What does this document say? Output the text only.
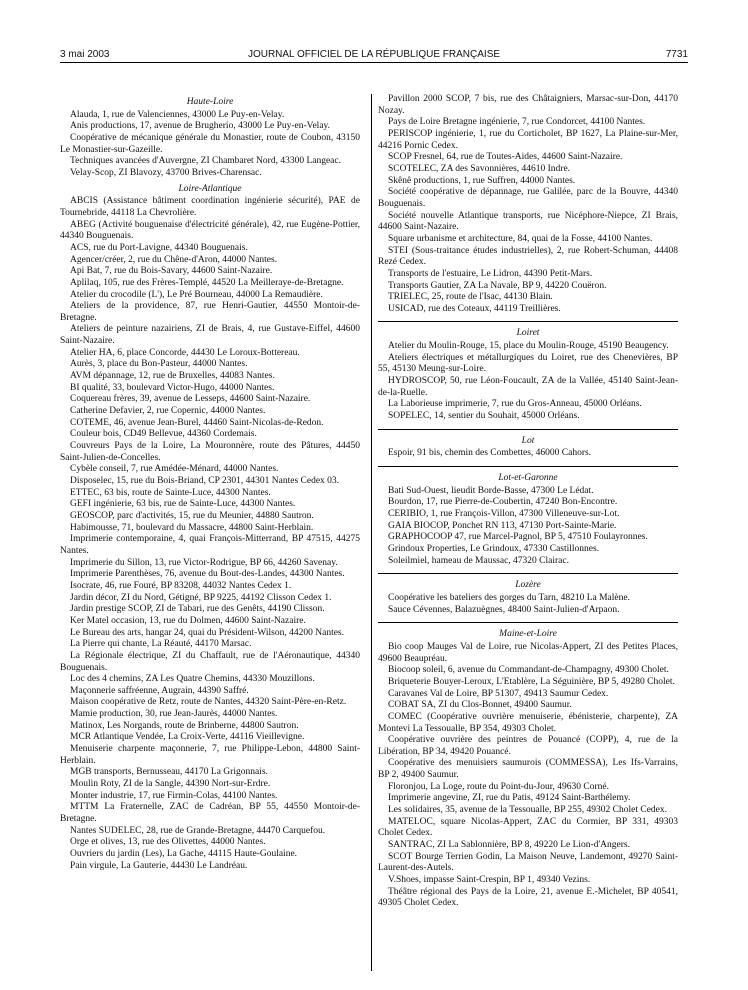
3 mai 2003	JOURNAL OFFICIEL DE LA RÉPUBLIQUE FRANÇAISE	7731
Haute-Loire

Alauda, 1, rue de Valenciennes, 43000 Le Puy-en-Velay.

Anis productions, 17, avenue de Brugherio, 43000 Le Puy-en-Velay.

Coopérative de mécanique générale du Monastier, route de Coubon, 43150 Le Monastier-sur-Gazeille.

Techniques avancées d'Auvergne, ZI Chambaret Nord, 43300 Langeac.

Velay-Scop, ZI Blavozy, 43700 Brives-Charensac.

Loire-Atlantique

ABCIS (Assistance bâtiment coordination ingénierie sécurité), PAE de Tournebride, 44118 La Chevrolière.

ABEG (Activité bouguenaise d'électricité générale), 42, rue Eugène-Pottier, 44340 Bouguenais.

ACS, rue du Port-Lavigne, 44340 Bouguenais.

Agencer/créer, 2, rue du Chêne-d'Aron, 44000 Nantes.

Api Bat, 7, rue du Bois-Savary, 44600 Saint-Nazaire.

Aplilaq, 105, rue des Frères-Templé, 44520 La Meilleraye-de-Bretagne.

Atelier du crocodile (L'), Le Pré Bourneau, 44000 La Remaudière.

Ateliers de la providence, 87, rue Henri-Gautier, 44550 Montoir-de-Bretagne.

Ateliers de peinture nazairiens, ZI de Brais, 4, rue Gustave-Eiffel, 44600 Saint-Nazaire.

Atelier HA, 6, place Concorde, 44430 Le Loroux-Bottereau.

Aurès, 3, place du Bon-Pasteur, 44000 Nantes.

AVM dépannage, 12, rue de Bruxelles, 44083 Nantes.

BI qualité, 33, boulevard Victor-Hugo, 44000 Nantes.

Coquereau frères, 39, avenue de Lesseps, 44600 Saint-Nazaire.

Catherine Defavier, 2, rue Copernic, 44000 Nantes.

COTEME, 46, avenue Jean-Burel, 44460 Saint-Nicolas-de-Redon.

Couleur bois, CD49 Bellevue, 44360 Cordemais.

Couvreurs Pays de la Loire, La Mouronnère, route des Pâtures, 44450 Saint-Julien-de-Concelles.

Cybèle conseil, 7, rue Amédée-Ménard, 44000 Nantes.

Disposelec, 15, rue du Bois-Briand, CP 2301, 44301 Nantes Cedex 03.

ETTEC, 63 bis, route de Sainte-Luce, 44300 Nantes.

GEFI ingénierie, 63 bis, rue de Sainte-Luce, 44300 Nantes.

GEOSCOP, parc d'activités, 15, rue du Meunier, 44880 Sautron.

Habimousse, 71, boulevard du Massacre, 44800 Saint-Herblain.

Imprimerie contemporaine, 4, quai François-Mitterrand, BP 47515, 44275 Nantes.

Imprimerie du Sillon, 13, rue Victor-Rodrigue, BP 66, 44260 Savenay.

Imprimerie Parenthèses, 76, avenue du Bout-des-Landes, 44300 Nantes.

Isocrate, 46, rue Fouré, BP 83208, 44032 Nantes Cedex 1.

Jardin décor, ZI du Nord, Gétigné, BP 9225, 44192 Clisson Cedex 1.

Jardin prestige SCOP, ZI de Tabari, rue des Genêts, 44190 Clisson.

Ker Matel occasion, 13, rue du Dolmen, 44600 Saint-Nazaire.

Le Bureau des arts, hangar 24, quai du Président-Wilson, 44200 Nantes.

La Pierre qui chante, La Réauté, 44170 Marsac.

La Régionale électrique, ZI du Chaffault, rue de l'Aéronautique, 44340 Bouguenais.

Loc des 4 chemins, ZA Les Quatre Chemins, 44330 Mouzillons.

Maçonnerie saffréenne, Augrain, 44390 Saffré.

Maison coopérative de Retz, route de Nantes, 44320 Saint-Père-en-Retz.

Mamie production, 30, rue Jean-Jaurès, 44000 Nantes.

Matinox, Les Norgands, route de Brinberne, 44800 Sautron.

MCR Atlantique Vendée, La Croix-Verte, 44116 Vieillevigne.

Menuiserie charpente maçonnerie, 7, rue Philippe-Lebon, 44800 Saint-Herblain.

MGB transports, Bernusseau, 44170 La Grigonnais.

Moulin Roty, ZI de la Sangle, 44390 Nort-sur-Erdre.

Monter industrie, 17, rue Firmin-Colas, 44100 Nantes.

MTTM La Fraternelle, ZAC de Cadréan, BP 55, 44550 Montoir-de-Bretagne.

Nantes SUDELEC, 28, rue de Grande-Bretagne, 44470 Carquefou.

Orge et olives, 13, rue des Olivettes, 44000 Nantes.

Ouvriers du jardin (Les), La Gache, 44115 Haute-Goulaine.

Pain virgule, La Gauterie, 44430 Le Landréau.

Pavillon 2000 SCOP, 7 bis, rue des Châtaigniers, Marsac-sur-Don, 44170 Nozay.

Pays de Loire Bretagne ingénierie, 7, rue Condorcet, 44100 Nantes.

PERISCOP ingénierie, 1, rue du Corticholet, BP 1627, La Plaine-sur-Mer, 44216 Pornic Cedex.

SCOP Fresnel, 64, rue de Toutes-Aides, 44600 Saint-Nazaire.

SCOTELEC, ZA des Savonnières, 44610 Indre.

Skênê productions, 1, rue Suffren, 44000 Nantes.

Société coopérative de dépannage, rue Galilée, parc de la Bouvre, 44340 Bouguenais.

Société nouvelle Atlantique transports, rue Nicéphore-Niepce, ZI Brais, 44600 Saint-Nazaire.

Square urbanisme et architecture, 84, quai de la Fosse, 44100 Nantes.

STEI (Sous-traitance études industrielles), 2, rue Robert-Schuman, 44408 Rezé Cedex.

Transports de l'estuaire, Le Lidron, 44390 Petit-Mars.

Transports Gautier, ZA La Navale, BP 9, 44220 Couëron.

TRIELEC, 25, route de l'Isac, 44130 Blain.

USICAD, rue des Coteaux, 44119 Treillières.

Loiret

Atelier du Moulin-Rouge, 15, place du Moulin-Rouge, 45190 Beaugency.

Ateliers électriques et métallurgiques du Loiret, rue des Chenevières, BP 55, 45130 Meung-sur-Loire.

HYDROSCOP, 50, rue Léon-Foucault, ZA de la Vallée, 45140 Saint-Jean-de-la-Ruelle.

La Laborieuse imprimerie, 7, rue du Gros-Anneau, 45000 Orléans.

SOPELEC, 14, sentier du Souhait, 45000 Orléans.

Lot

Espoir, 91 bis, chemin des Combettes, 46000 Cahors.

Lot-et-Garonne

Bati Sud-Ouest, lieudit Borde-Basse, 47300 Le Lédat.

Bourdon, 17, rue Pierre-de-Coubertin, 47240 Bon-Encontre.

CERIBIO, 1, rue François-Villon, 47300 Villeneuve-sur-Lot.

GAIA BIOCOP, Ponchet RN 113, 47130 Port-Sainte-Marie.

GRAPHOCOOP 47, rue Marcel-Pagnol, BP 5, 47510 Foulayronnes.

Grindoux Properties, Le Grindoux, 47330 Castillonnes.

Soleilmiel, hameau de Maussac, 47320 Clairac.

Lozère

Coopérative les bateliers des gorges du Tarn, 48210 La Malène.

Sauce Cévennes, Balazuègnes, 48400 Saint-Julien-d'Arpaon.

Maine-et-Loire

Bio coop Mauges Val de Loire, rue Nicolas-Appert, ZI des Petites Places, 49600 Beaupréau.

Biocoop soleil, 6, avenue du Commandant-de-Champagny, 49300 Cholet.

Briqueterie Bouyer-Leroux, L'Etablère, La Séguinière, BP 5, 49280 Cholet.

Caravanes Val de Loire, BP 51307, 49413 Saumur Cedex.

COBAT SA, ZI du Clos-Bonnet, 49400 Saumur.

COMEC (Coopérative ouvrière menuiserie, ébénisterie, charpente), ZA Montevi La Tessoualle, BP 354, 49303 Cholet.

Coopérative ouvrière des peintres de Pouancé (COPP), 4, rue de la Libération, BP 34, 49420 Pouancé.

Coopérative des menuisiers saumurois (COMMESSA), Les Ifs-Varrains, BP 2, 49400 Saumur.

Floronjou, La Loge, route du Point-du-Jour, 49630 Corné.

Imprimerie angevine, ZI, rue du Patis, 49124 Saint-Barthélemy.

Les solidaires, 35, avenue de la Tessoualle, BP 255, 49302 Cholet Cedex.

MATELOC, square Nicolas-Appert, ZAC du Cormier, BP 331, 49303 Cholet Cedex.

SANTRAC, ZI La Sablonnière, BP 8, 49220 Le Lion-d'Angers.

SCOT Bourge Terrien Godin, La Maison Neuve, Landemont, 49270 Saint-Laurent-des-Autels.

V.Shoes, impasse Saint-Crespin, BP 1, 49340 Vezins.

Théâtre régional des Pays de la Loire, 21, avenue E.-Michelet, BP 40541, 49305 Cholet Cedex.
